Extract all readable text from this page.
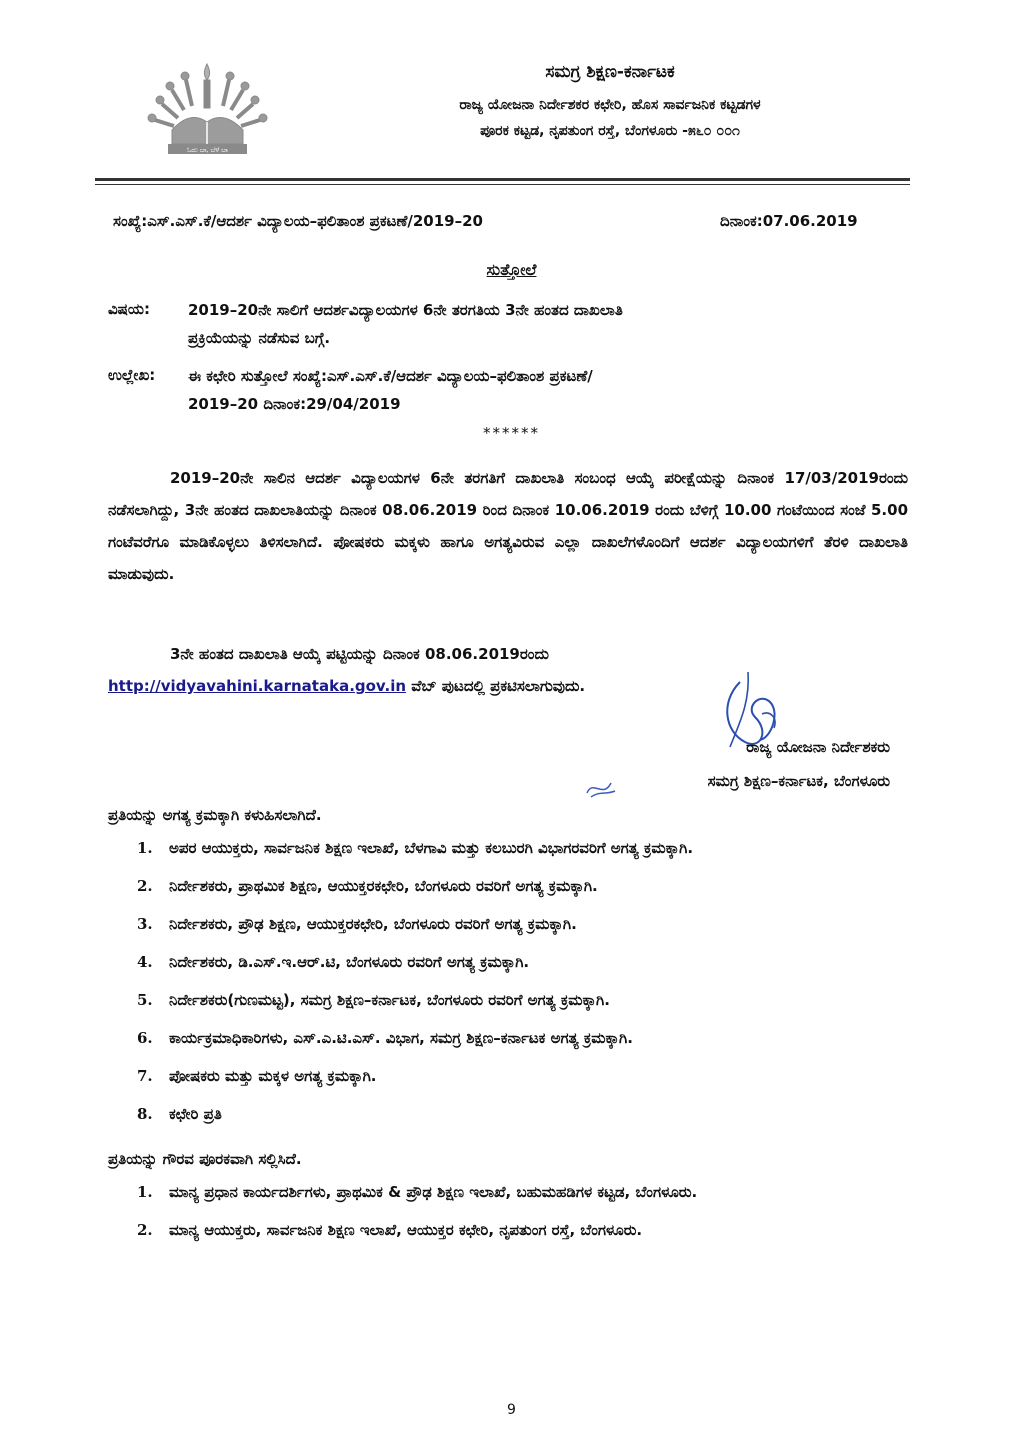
ಓದು ಬಾ, ಬೆಳೆ ಬಾ
ಸಮಗ್ರ ಶಿಕ್ಷಣ-ಕರ್ನಾಟಕ
ರಾಜ್ಯ ಯೋಜನಾ ನಿರ್ದೇಶಕರ ಕಛೇರಿ, ಹೊಸ ಸಾರ್ವಜನಿಕ ಕಟ್ಟಡಗಳ
ಪೂರಕ ಕಟ್ಟಡ, ನೃಪತುಂಗ ರಸ್ತೆ, ಬೆಂಗಳೂರು -೫೬೦ ೦೦೧
ಸಂಖ್ಯೆ:ಎಸ್.ಎಸ್.ಕೆ/ಆದರ್ಶ ವಿದ್ಯಾಲಯ–ಫಲಿತಾಂಶ ಪ್ರಕಟಣೆ/2019–20	ದಿನಾಂಕ:07.06.2019
ಸುತ್ತೋಲೆ
ವಿಷಯ:	2019–20ನೇ ಸಾಲಿಗೆ ಆದರ್ಶವಿದ್ಯಾಲಯಗಳ 6ನೇ ತರಗತಿಯ 3ನೇ ಹಂತದ ದಾಖಲಾತಿ
ಪ್ರಕ್ರಿಯೆಯನ್ನು ನಡೆಸುವ ಬಗ್ಗೆ.
ಉಲ್ಲೇಖ: ಈ ಕಛೇರಿ ಸುತ್ತೋಲೆ ಸಂಖ್ಯೆ:ಎಸ್.ಎಸ್.ಕೆ/ಆದರ್ಶ ವಿದ್ಯಾಲಯ–ಫಲಿತಾಂಶ ಪ್ರಕಟಣೆ/
2019–20 ದಿನಾಂಕ:29/04/2019
******
2019–20ನೇ ಸಾಲಿನ ಆದರ್ಶ ವಿದ್ಯಾಲಯಗಳ 6ನೇ ತರಗತಿಗೆ ದಾಖಲಾತಿ ಸಂಬಂಧ ಆಯ್ಕೆ ಪರೀಕ್ಷೆಯನ್ನು ದಿನಾಂಕ 17/03/2019ರಂದು ನಡೆಸಲಾಗಿದ್ದು, 3ನೇ ಹಂತದ ದಾಖಲಾತಿಯನ್ನು ದಿನಾಂಕ 08.06.2019 ರಿಂದ ದಿನಾಂಕ 10.06.2019 ರಂದು ಬೆಳಿಗ್ಗೆ 10.00 ಗಂಟೆಯಿಂದ ಸಂಜೆ 5.00 ಗಂಟೆವರೆಗೂ ಮಾಡಿಕೊಳ್ಳಲು ತಿಳಿಸಲಾಗಿದೆ. ಪೋಷಕರು ಮಕ್ಕಳು ಹಾಗೂ ಅಗತ್ಯವಿರುವ ಎಲ್ಲಾ ದಾಖಲೆಗಳೊಂದಿಗೆ ಆದರ್ಶ ವಿದ್ಯಾಲಯಗಳಿಗೆ ತೆರಳಿ ದಾಖಲಾತಿ ಮಾಡುವುದು.
3ನೇ ಹಂತದ ದಾಖಲಾತಿ ಆಯ್ಕೆ ಪಟ್ಟಿಯನ್ನು ದಿನಾಂಕ 08.06.2019ರಂದು
http://vidyavahini.karnataka.gov.in ವೆಬ್ ಪುಟದಲ್ಲಿ ಪ್ರಕಟಿಸಲಾಗುವುದು.
ರಾಜ್ಯ ಯೋಜನಾ ನಿರ್ದೇಶಕರು
ಸಮಗ್ರ ಶಿಕ್ಷಣ–ಕರ್ನಾಟಕ, ಬೆಂಗಳೂರು
ಪ್ರತಿಯನ್ನು ಅಗತ್ಯ ಕ್ರಮಕ್ಕಾಗಿ ಕಳುಹಿಸಲಾಗಿದೆ.
1.	ಅಪರ ಆಯುಕ್ತರು, ಸಾರ್ವಜನಿಕ ಶಿಕ್ಷಣ ಇಲಾಖೆ, ಬೆಳಗಾವಿ ಮತ್ತು ಕಲಬುರಗಿ ವಿಭಾಗರವರಿಗೆ ಅಗತ್ಯ ಕ್ರಮಕ್ಕಾಗಿ.
2.	ನಿರ್ದೇಶಕರು, ಪ್ರಾಥಮಿಕ ಶಿಕ್ಷಣ, ಆಯುಕ್ತರಕಛೇರಿ, ಬೆಂಗಳೂರು ರವರಿಗೆ ಅಗತ್ಯ ಕ್ರಮಕ್ಕಾಗಿ.
3.	ನಿರ್ದೇಶಕರು, ಪ್ರೌಢ ಶಿಕ್ಷಣ, ಆಯುಕ್ತರಕಛೇರಿ, ಬೆಂಗಳೂರು ರವರಿಗೆ ಅಗತ್ಯ ಕ್ರಮಕ್ಕಾಗಿ.
4.	ನಿರ್ದೇಶಕರು, ಡಿ.ಎಸ್.ಇ.ಆರ್.ಟಿ, ಬೆಂಗಳೂರು ರವರಿಗೆ ಅಗತ್ಯ ಕ್ರಮಕ್ಕಾಗಿ.
5.	ನಿರ್ದೇಶಕರು(ಗುಣಮಟ್ಟ), ಸಮಗ್ರ ಶಿಕ್ಷಣ–ಕರ್ನಾಟಕ, ಬೆಂಗಳೂರು ರವರಿಗೆ ಅಗತ್ಯ ಕ್ರಮಕ್ಕಾಗಿ.
6.	ಕಾರ್ಯಕ್ರಮಾಧಿಕಾರಿಗಳು, ಎಸ್.ಎ.ಟಿ.ಎಸ್. ವಿಭಾಗ, ಸಮಗ್ರ ಶಿಕ್ಷಣ–ಕರ್ನಾಟಕ ಅಗತ್ಯ ಕ್ರಮಕ್ಕಾಗಿ.
7.	ಪೋಷಕರು ಮತ್ತು ಮಕ್ಕಳ ಅಗತ್ಯ ಕ್ರಮಕ್ಕಾಗಿ.
8.	ಕಛೇರಿ ಪ್ರತಿ
ಪ್ರತಿಯನ್ನು ಗೌರವ ಪೂರಕವಾಗಿ ಸಲ್ಲಿಸಿದೆ.
1.	ಮಾನ್ಯ ಪ್ರಧಾನ ಕಾರ್ಯದರ್ಶಿಗಳು, ಪ್ರಾಥಮಿಕ & ಪ್ರೌಢ ಶಿಕ್ಷಣ ಇಲಾಖೆ, ಬಹುಮಹಡಿಗಳ ಕಟ್ಟಡ, ಬೆಂಗಳೂರು.
2.	ಮಾನ್ಯ ಆಯುಕ್ತರು, ಸಾರ್ವಜನಿಕ ಶಿಕ್ಷಣ ಇಲಾಖೆ, ಆಯುಕ್ತರ ಕಛೇರಿ, ನೃಪತುಂಗ ರಸ್ತೆ, ಬೆಂಗಳೂರು.
9
